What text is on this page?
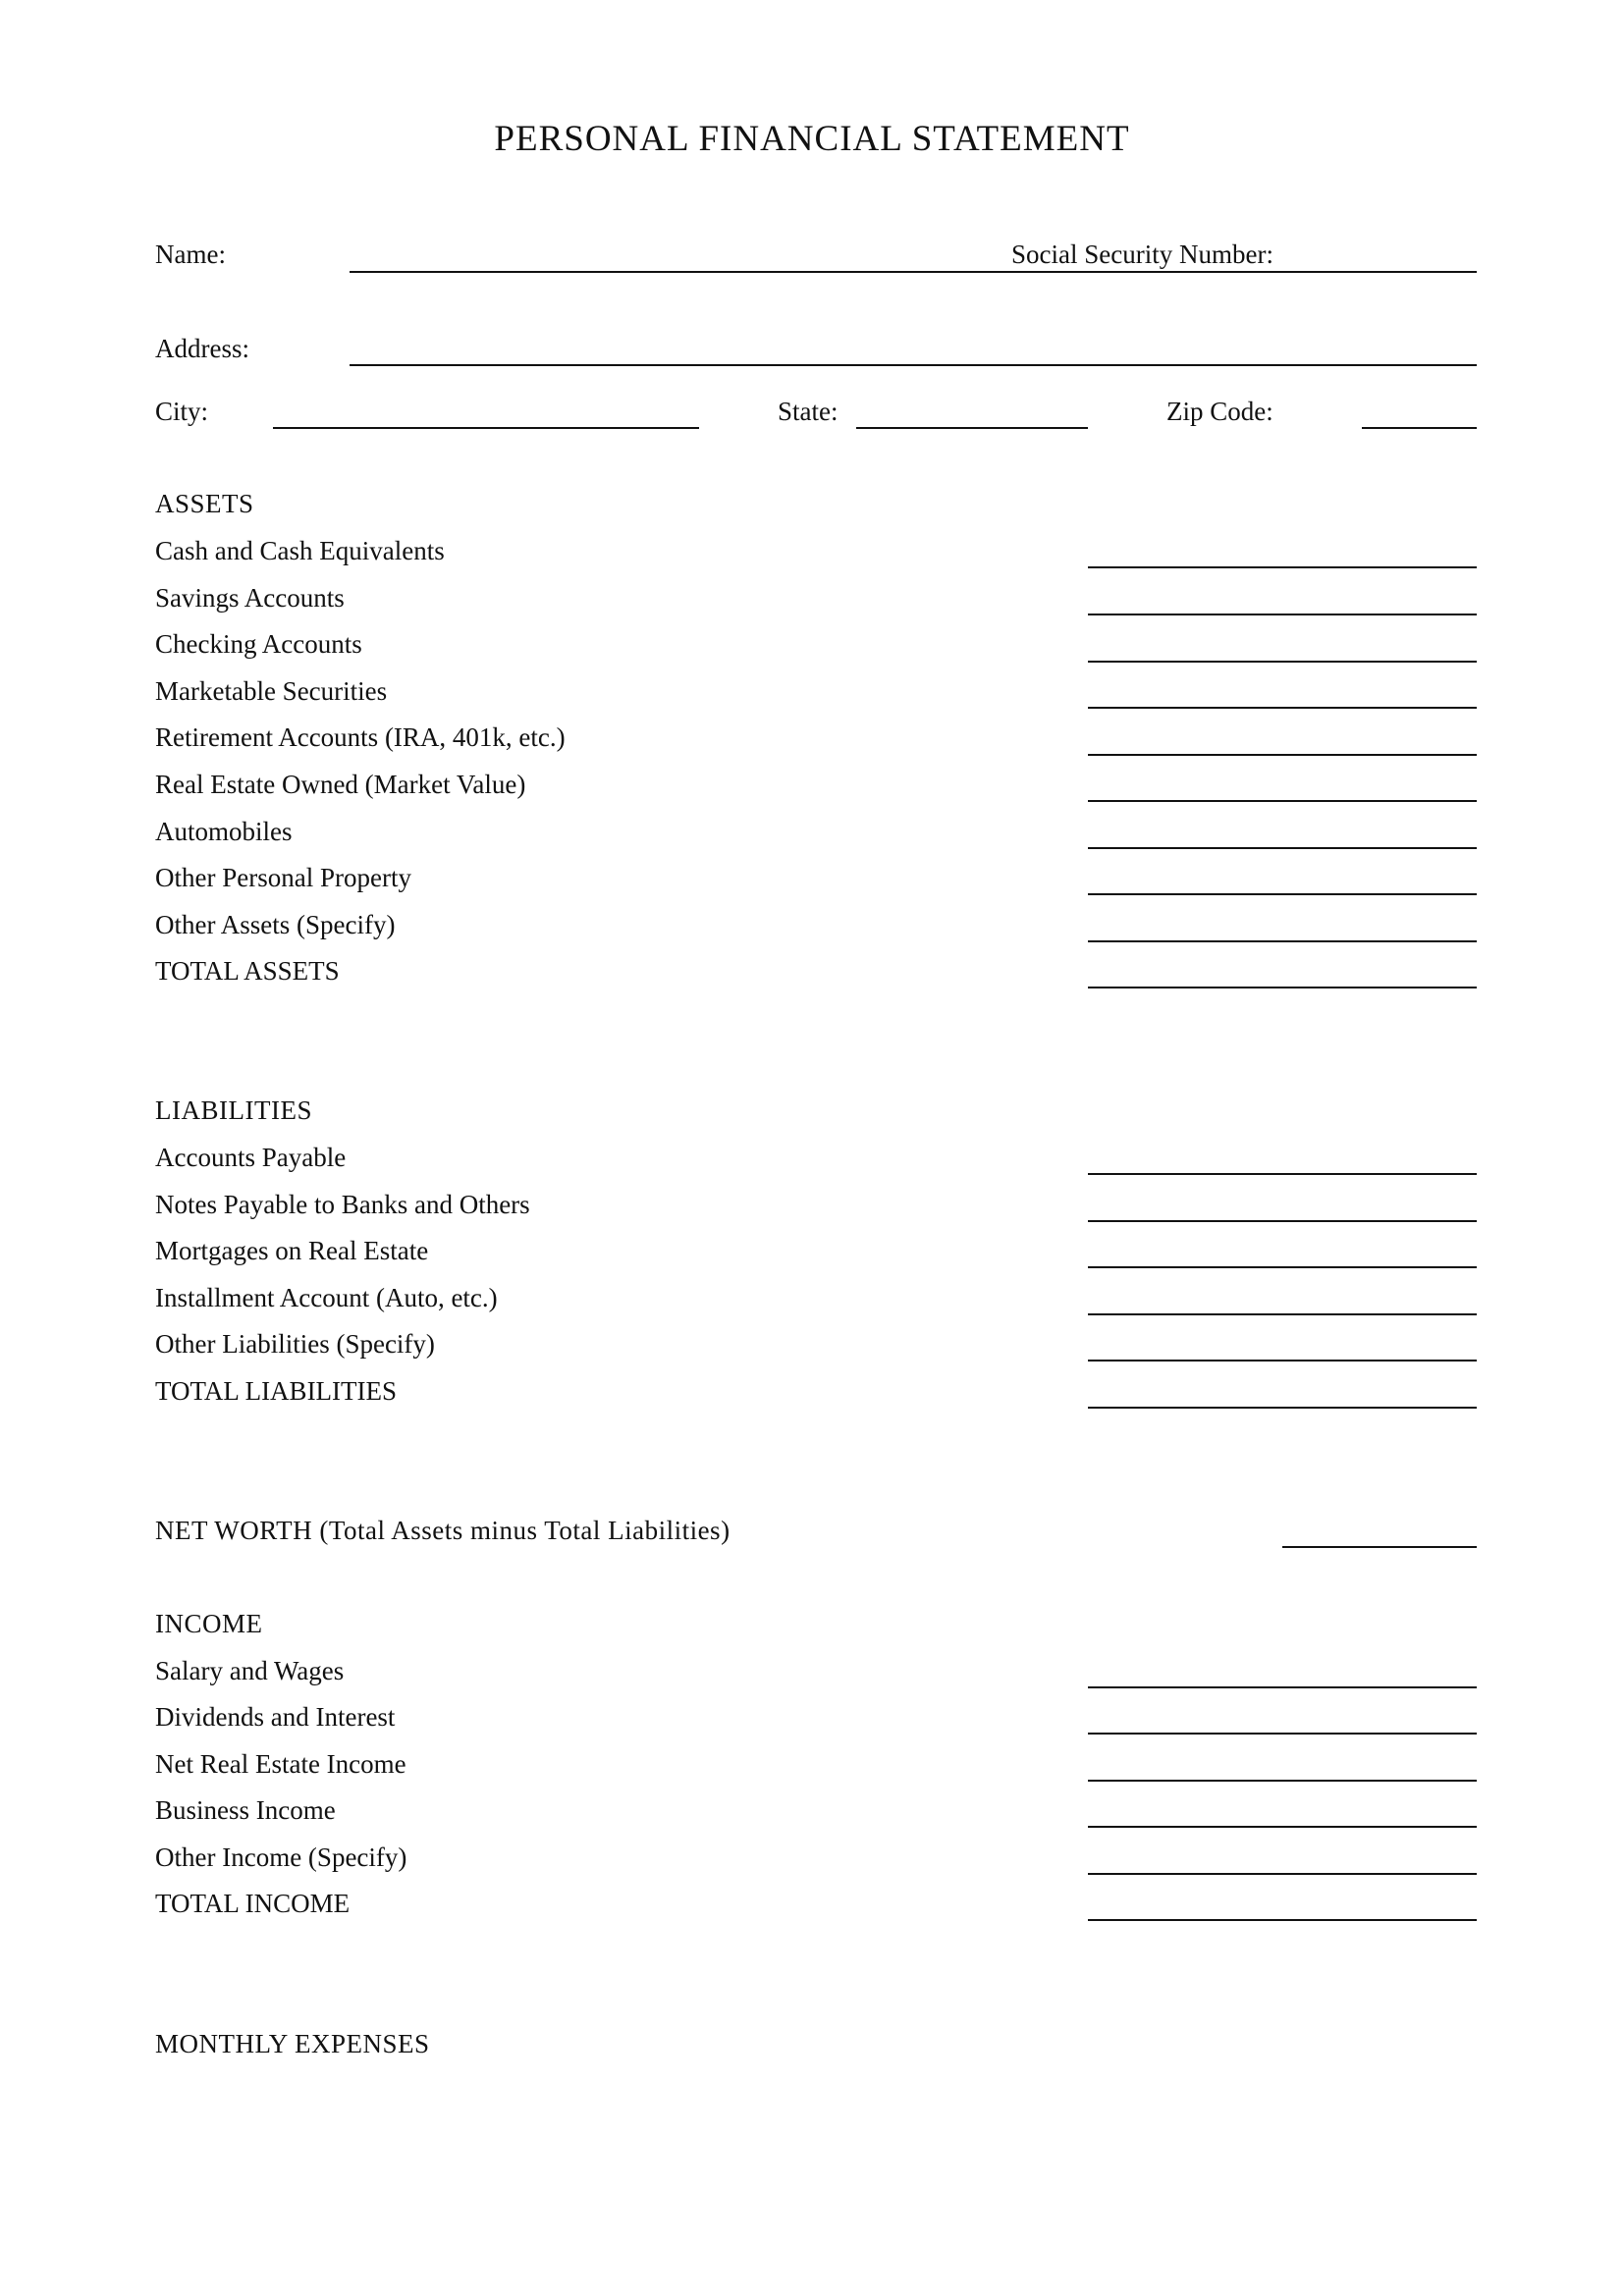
PERSONAL FINANCIAL STATEMENT
Name:	Social Security Number:
Address:
City:	State:	Zip Code:
ASSETS
Cash and Cash Equivalents
Savings Accounts
Checking Accounts
Marketable Securities
Retirement Accounts (IRA, 401k, etc.)
Real Estate Owned (Market Value)
Automobiles
Other Personal Property
Other Assets (Specify)
TOTAL ASSETS
LIABILITIES
Accounts Payable
Notes Payable to Banks and Others
Mortgages on Real Estate
Installment Account (Auto, etc.)
Other Liabilities (Specify)
TOTAL LIABILITIES
NET WORTH (Total Assets minus Total Liabilities)
INCOME
Salary and Wages
Dividends and Interest
Net Real Estate Income
Business Income
Other Income (Specify)
TOTAL INCOME
MONTHLY EXPENSES
